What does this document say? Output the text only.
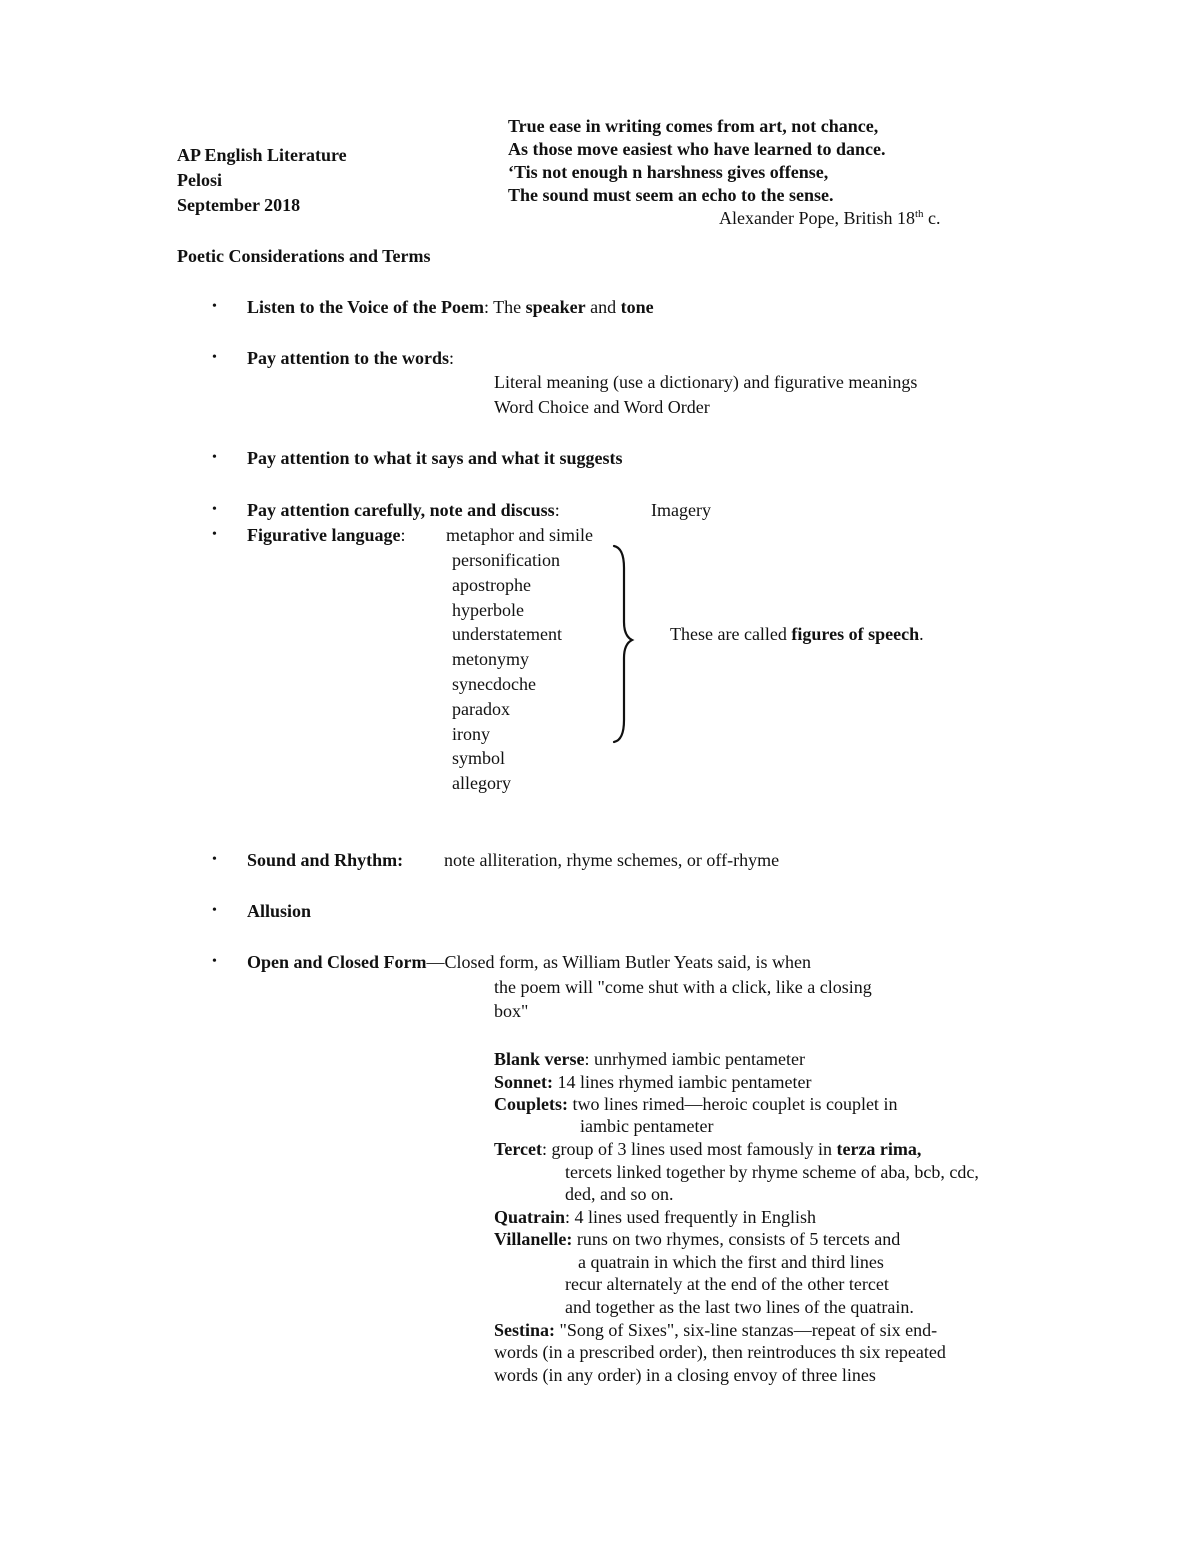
AP English Literature
Pelosi
September 2018
True ease in writing comes from art, not chance,
As those move easiest who have learned to dance.
‘Tis not enough n harshness gives offense,
The sound must seem an echo to the sense.
Alexander Pope, British 18th c.
Poetic Considerations and Terms
• Listen to the Voice of the Poem: The speaker and tone
• Pay attention to the words:
Literal meaning (use a dictionary) and figurative meanings
Word Choice and Word Order
• Pay attention to what it says and what it suggests
• Pay attention carefully, note and discuss:	Imagery
• Figurative language: metaphor and simile
personification
apostrophe
hyperbole
understatement
metonymy
synecdoche
paradox
irony
symbol
allegory
These are called figures of speech.
• Sound and Rhythm: note alliteration, rhyme schemes, or off-rhyme
• Allusion
• Open and Closed Form—Closed form, as William Butler Yeats said, is when
the poem will "come shut with a click, like a closing
box"
Blank verse: unrhymed iambic pentameter
Sonnet: 14 lines rhymed iambic pentameter
Couplets: two lines rimed—heroic couplet is couplet in
iambic pentameter
Tercet: group of 3 lines used most famously in terza rima,
tercets linked together by rhyme scheme of aba, bcb, cdc,
ded, and so on.
Quatrain: 4 lines used frequently in English
Villanelle: runs on two rhymes, consists of 5 tercets and
a quatrain in which the first and third lines
recur alternately at the end of the other tercet
and together as the last two lines of the quatrain.
Sestina: "Song of Sixes", six-line stanzas—repeat of six end-
words (in a prescribed order), then reintroduces th six repeated
words (in any order) in a closing envoy of three lines
